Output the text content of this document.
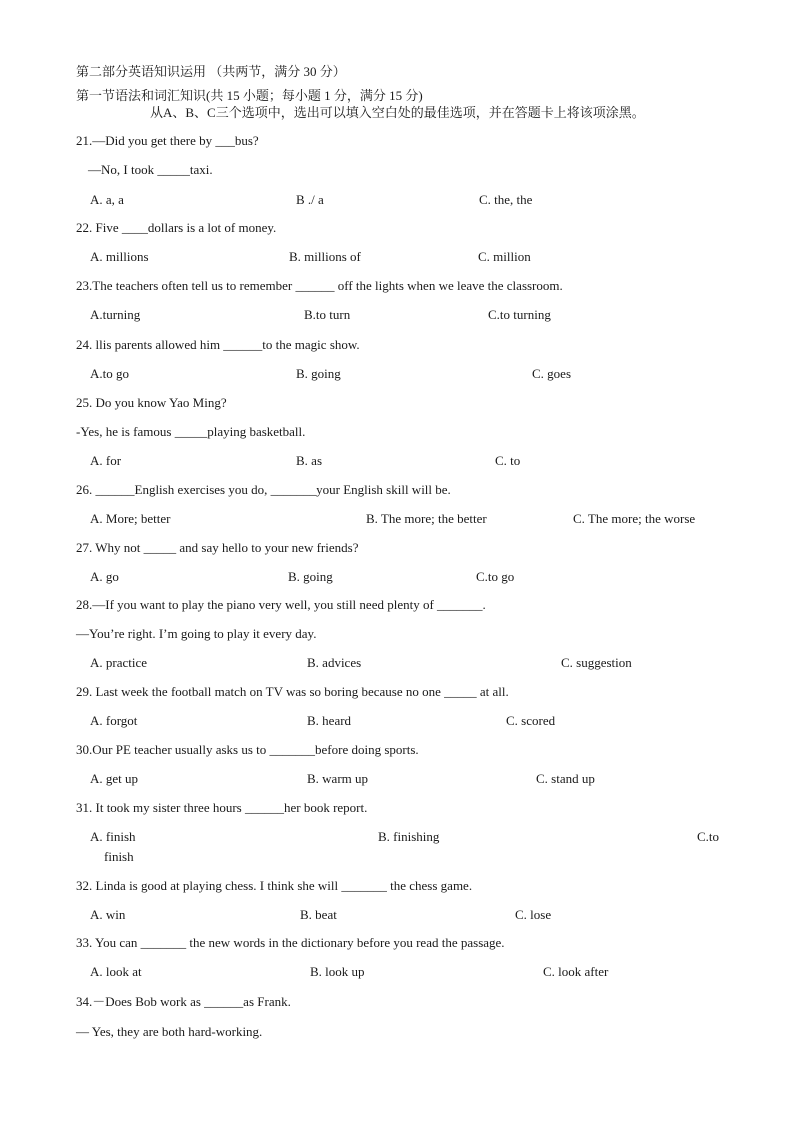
第二部分英语知识运用 （共两节，满分 30 分）
第一节语法和词汇知识(共 15 小题；每小题 1 分，满分 15 分)
从A、B、C三个选项中，选出可以填入空白处的最佳选项，并在答题卡上将该项涂黑。
21.—Did you get there by ___bus?
—No, I took _____taxi.
A. a, a	B ./ a	C. the, the
22. Five ____dollars is a lot of money.
A. millions	B. millions of	C. million
23.The teachers often tell us to remember ______ off the lights when we leave the classroom.
A.turning	B.to turn	C.to turning
24. llis parents allowed him ______to the magic show.
A.to go	B. going	C. goes
25. Do you know Yao Ming?
-Yes, he is famous _____playing basketball.
A. for	B. as	C. to
26. ______English exercises you do, _______your English skill will be.
A. More; better	B. The more; the better	C. The more; the worse
27. Why not _____ and say hello to your new friends?
A. go	B. going	C.to go
28.—If you want to play the piano very well, you still need plenty of _______.
—You’re right. I’m going to play it every day.
A. practice	B. advices	C. suggestion
29. Last week the football match on TV was so boring because no one _____ at all.
A. forgot	B. heard	C. scored
30.Our PE teacher usually asks us to _______before doing sports.
A. get up	B. warm up	C. stand up
31. It took my sister three hours ______her book report.
A. finish	B. finishing	C.to
finish
32. Linda is good at playing chess. I think she will _______ the chess game.
A. win	B. beat	C. lose
33. You can _______ the new words in the dictionary before you read the passage.
A. look at	B. look up	C. look after
34.－Does Bob work as ______as Frank.
— Yes, they are both hard-working.
